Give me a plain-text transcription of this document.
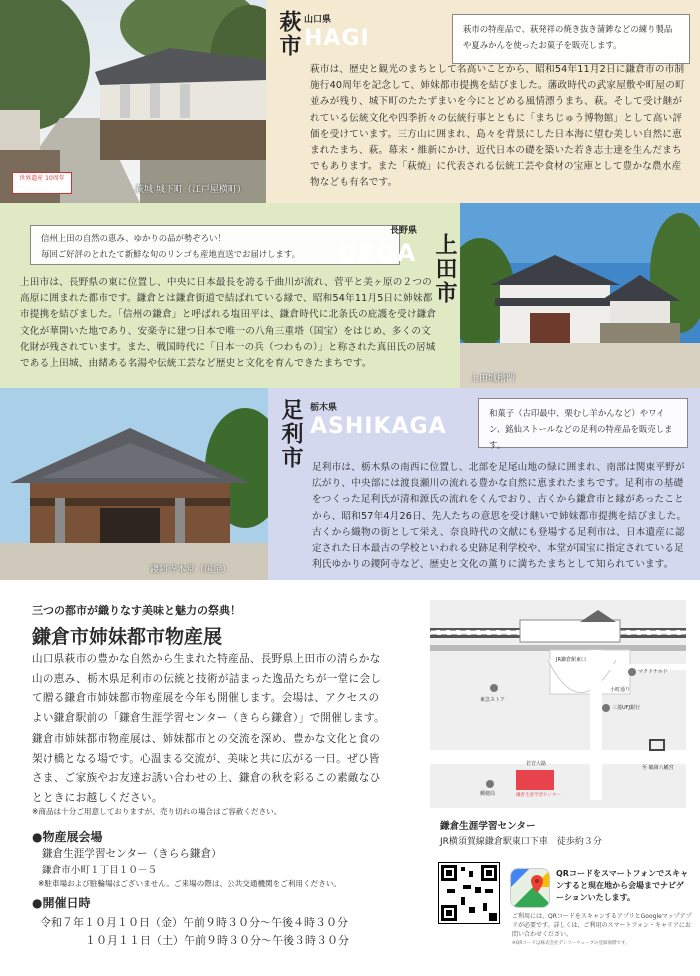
世界遺産 10周年
萩城 城下町（江戸屋横町）
萩市 山口県
HAGI	萩市の特産品で、萩発祥の焼き抜き蒲鉾などの練り製品や夏みかんを使ったお菓子を販売します。
萩市は、歴史と観光のまちとして名高いことから、昭和54年11月2日に鎌倉市の市制施行40周年を記念して、姉妹都市提携を結びました。藩政時代の武家屋敷や町屋の町並みが残り、城下町のたたずまいを今にとどめる風情漂うまち、萩。そして受け継がれている伝統文化や四季折々の伝統行事とともに「まちじゅう博物館」として高い評価を受けています。三方山に囲まれ、島々を背景にした日本海に望む美しい自然に恵まれたまち、萩。幕末・維新にかけ、近代日本の礎を築いた若き志士達を生んだまちでもあります。また「萩焼」に代表される伝統工芸や食材の宝庫として豊かな農水産物なども有名です。
信州上田の自然の恵み、ゆかりの品が勢ぞろい！
毎回ご好評のとれたて新鮮な旬のリンゴも産地直送でお届けします。
長野県
UEDA 上田市
上田市は、長野県の東に位置し、中央に日本最長を誇る千曲川が流れ、菅平と美ヶ原の２つの高原に囲まれた都市です。鎌倉とは鎌倉街道で結ばれている縁で、昭和54年11月5日に姉妹都市提携を結びました。「信州の鎌倉」と呼ばれる塩田平は、鎌倉時代に北条氏の庇護を受け鎌倉文化が華開いた地であり、安楽寺に建つ日本で唯一の八角三重塔（国宝）をはじめ、多くの文化財が残されています。また、戦国時代に「日本一の兵（つわもの）」と称された真田氏の居城である上田城、由緒ある名湯や伝統工芸など歴史と文化を育んできたまちです。
上田城櫓門
鑁阿寺本堂（国宝）
足利市 栃木県
ASHIKAGA
和菓子（古印最中、栗むし羊かんなど）やワイン、銘仙ストールなどの足利の特産品を販売します。
足利市は、栃木県の南西に位置し、北部を足尾山地の緑に囲まれ、南部は関東平野が広がり、中央部には渡良瀬川の流れる豊かな自然に恵まれたまちです。足利市の基礎をつくった足利氏が清和源氏の流れをくんでおり、古くから鎌倉市と縁があったことから、昭和57年4月26日、先人たちの意思を受け継いで姉妹都市提携を結びました。古くから織物の街として栄え、奈良時代の文献にも登場する足利市は、日本遺産に認定された日本最古の学校といわれる史跡足利学校や、本堂が国宝に指定されている足利氏ゆかりの鑁阿寺など、歴史と文化の薫りに満ちたまちとして知られています。
三つの都市が織りなす美味と魅力の祭典！
鎌倉市姉妹都市物産展
山口県萩市の豊かな自然から生まれた特産品、長野県上田市の清らかな山の恵み、栃木県足利市の伝統と技術が詰まった逸品たちが一堂に会して贈る鎌倉市姉妹都市物産展を今年も開催します。会場は、アクセスのよい鎌倉駅前の「鎌倉生涯学習センター（きらら鎌倉）」で開催します。
鎌倉市姉妹都市物産展は、姉妹都市との交流を深め、豊かな文化と食の架け橋となる場です。心温まる交流が、美味と共に広がる一日。ぜひ皆さま、ご家族やお友達お誘い合わせの上、鎌倉の秋を彩るこの素敵なひとときにお越しください。
※商品は十分ご用意しておりますが、売り切れの場合はご容赦ください。
●物産展会場
鎌倉生涯学習センター（きらら鎌倉）
鎌倉市小町１丁目１０－５
※駐車場および駐輪場はございません。ご来場の際は、公共交通機関をご利用ください。
●開催日時
令和７年１０月１０日（金）午前９時３０分～午後４時３０分
１０月１１日（土）午前９時３０分～午後３時３０分
JR鎌倉駅東口
マクドナルド
東急ストア
三菱UFJ銀行
小町通り
若宮大路
郵便局
至 鶴岡八幡宮
鎌倉生涯学習センター
鎌倉生涯学習センター
JR横須賀線鎌倉駅東口下車　徒歩約３分
QRコードをスマートフォンでスキャンすると現在地から会場までナビゲーションいたします。
ご利用には、QRコードをスキャンするアプリとGoogleマップアプリが必要です。詳しくは、ご利用のスマートフォン・キャリアにお問い合わせください。
※QRコードは株式会社デンソーウェーブの登録商標です。
